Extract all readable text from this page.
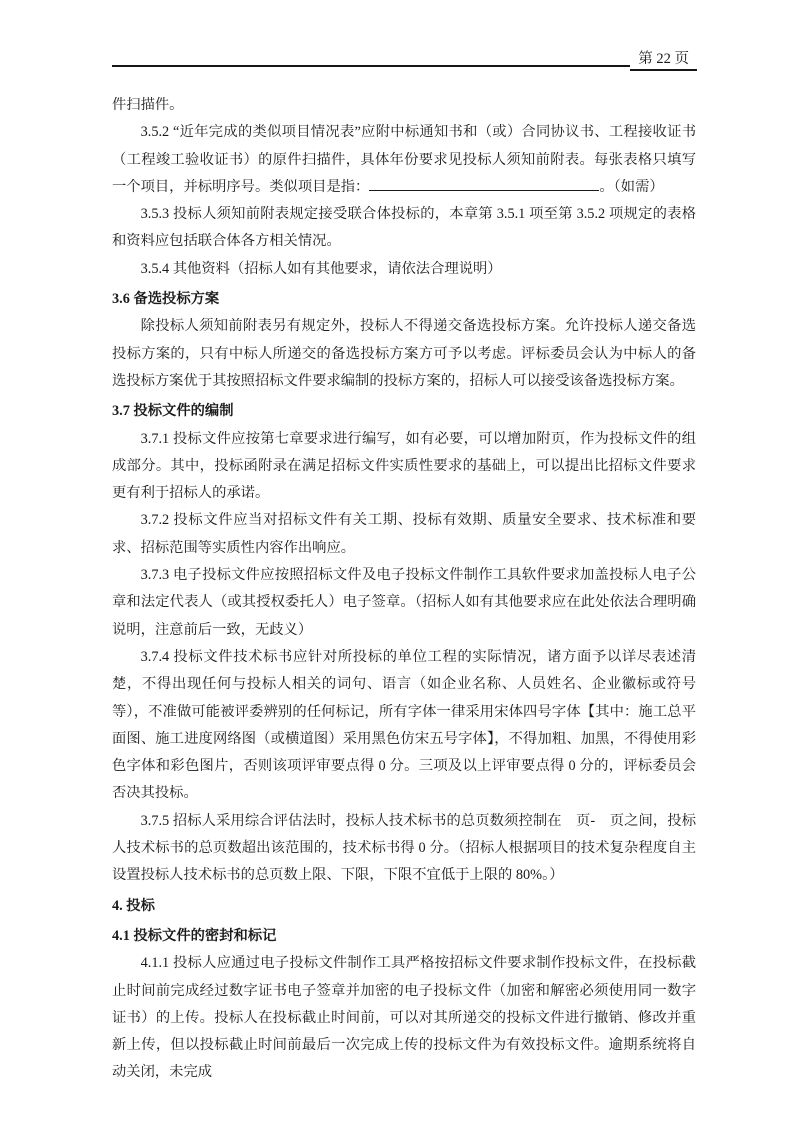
第 22 页

件扫描件。

3.5.2 “近年完成的类似项目情况表”应附中标通知书和（或）合同协议书、工程接收证书（工程竣工验收证书）的原件扫描件，具体年份要求见投标人须知前附表。每张表格只填写一个项目，并标明序号。类似项目是指：	。（如需）

3.5.3 投标人须知前附表规定接受联合体投标的，本章第 3.5.1 项至第 3.5.2 项规定的表格和资料应包括联合体各方相关情况。

3.5.4 其他资料（招标人如有其他要求，请依法合理说明）

3.6 备选投标方案

除投标人须知前附表另有规定外，投标人不得递交备选投标方案。允许投标人递交备选投标方案的，只有中标人所递交的备选投标方案方可予以考虑。评标委员会认为中标人的备选投标方案优于其按照招标文件要求编制的投标方案的，招标人可以接受该备选投标方案。

3.7 投标文件的编制

3.7.1 投标文件应按第七章要求进行编写，如有必要，可以增加附页，作为投标文件的组成部分。其中，投标函附录在满足招标文件实质性要求的基础上，可以提出比招标文件要求更有利于招标人的承诺。

3.7.2 投标文件应当对招标文件有关工期、投标有效期、质量安全要求、技术标准和要求、招标范围等实质性内容作出响应。

3.7.3 电子投标文件应按照招标文件及电子投标文件制作工具软件要求加盖投标人电子公章和法定代表人（或其授权委托人）电子签章。（招标人如有其他要求应在此处依法合理明确说明，注意前后一致，无歧义）

3.7.4 投标文件技术标书应针对所投标的单位工程的实际情况，诸方面予以详尽表述清楚，不得出现任何与投标人相关的词句、语言（如企业名称、人员姓名、企业徽标或符号等），不准做可能被评委辨别的任何标记，所有字体一律采用宋体四号字体【其中：施工总平面图、施工进度网络图（或横道图）采用黑色仿宋五号字体】，不得加粗、加黑，不得使用彩色字体和彩色图片，否则该项评审要点得 0 分。三项及以上评审要点得 0 分的，评标委员会否决其投标。

3.7.5 招标人采用综合评估法时，投标人技术标书的总页数须控制在　页-　页之间，投标人技术标书的总页数超出该范围的，技术标书得 0 分。（招标人根据项目的技术复杂程度自主设置投标人技术标书的总页数上限、下限，下限不宜低于上限的 80%。）

4. 投标

4.1 投标文件的密封和标记

4.1.1 投标人应通过电子投标文件制作工具严格按招标文件要求制作投标文件，在投标截止时间前完成经过数字证书电子签章并加密的电子投标文件（加密和解密必须使用同一数字证书）的上传。投标人在投标截止时间前，可以对其所递交的投标文件进行撤销、修改并重新上传，但以投标截止时间前最后一次完成上传的投标文件为有效投标文件。逾期系统将自动关闭，未完成
